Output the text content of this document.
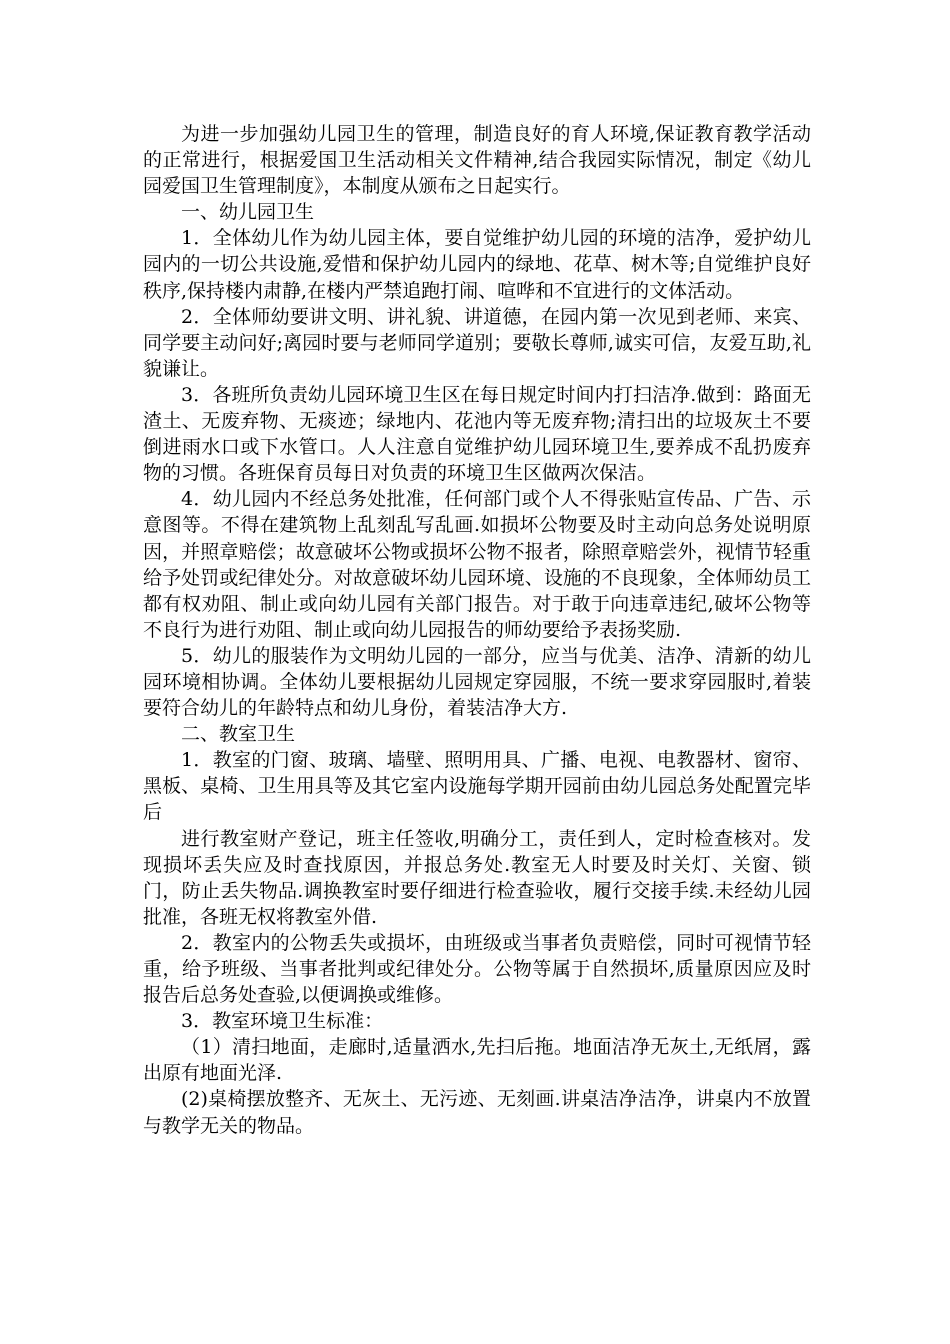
为进一步加强幼儿园卫生的管理，制造良好的育人环境,保证教育教学活动的正常进行，根据爱国卫生活动相关文件精神,结合我园实际情况，制定《幼儿园爱国卫生管理制度》，本制度从颁布之日起实行。

一、幼儿园卫生

1．全体幼儿作为幼儿园主体，要自觉维护幼儿园的环境的洁净，爱护幼儿园内的一切公共设施,爱惜和保护幼儿园内的绿地、花草、树木等;自觉维护良好秩序,保持楼内肃静,在楼内严禁追跑打闹、喧哗和不宜进行的文体活动。

2．全体师幼要讲文明、讲礼貌、讲道德，在园内第一次见到老师、来宾、同学要主动问好;离园时要与老师同学道别；要敬长尊师,诚实可信，友爱互助,礼貌谦让。

3．各班所负责幼儿园环境卫生区在每日规定时间内打扫洁净.做到：路面无渣土、无废弃物、无痰迹；绿地内、花池内等无废弃物;清扫出的垃圾灰土不要倒进雨水口或下水管口。人人注意自觉维护幼儿园环境卫生,要养成不乱扔废弃物的习惯。各班保育员每日对负责的环境卫生区做两次保洁。

4．幼儿园内不经总务处批准，任何部门或个人不得张贴宣传品、广告、示意图等。不得在建筑物上乱刻乱写乱画.如损坏公物要及时主动向总务处说明原因，并照章赔偿；故意破坏公物或损坏公物不报者，除照章赔尝外，视情节轻重给予处罚或纪律处分。对故意破坏幼儿园环境、设施的不良现象，全体师幼员工都有权劝阻、制止或向幼儿园有关部门报告。对于敢于向违章违纪,破坏公物等不良行为进行劝阻、制止或向幼儿园报告的师幼要给予表扬奖励.

5．幼儿的服装作为文明幼儿园的一部分，应当与优美、洁净、清新的幼儿园环境相协调。全体幼儿要根据幼儿园规定穿园服，不统一要求穿园服时,着装要符合幼儿的年龄特点和幼儿身份，着装洁净大方.

二、教室卫生

1．教室的门窗、玻璃、墙壁、照明用具、广播、电视、电教器材、窗帘、黑板、桌椅、卫生用具等及其它室内设施每学期开园前由幼儿园总务处配置完毕后

进行教室财产登记，班主任签收,明确分工，责任到人，定时检查核对。发现损坏丢失应及时查找原因，并报总务处.教室无人时要及时关灯、关窗、锁门，防止丢失物品.调换教室时要仔细进行检查验收，履行交接手续.未经幼儿园批准，各班无权将教室外借.

2．教室内的公物丢失或损坏，由班级或当事者负责赔偿，同时可视情节轻重，给予班级、当事者批判或纪律处分。公物等属于自然损坏,质量原因应及时报告后总务处查验,以便调换或维修。

3．教室环境卫生标准：

（1）清扫地面，走廊时,适量洒水,先扫后拖。地面洁净无灰土,无纸屑，露出原有地面光泽.

(2)桌椅摆放整齐、无灰土、无污迹、无刻画.讲桌洁净洁净，讲桌内不放置与教学无关的物品。
